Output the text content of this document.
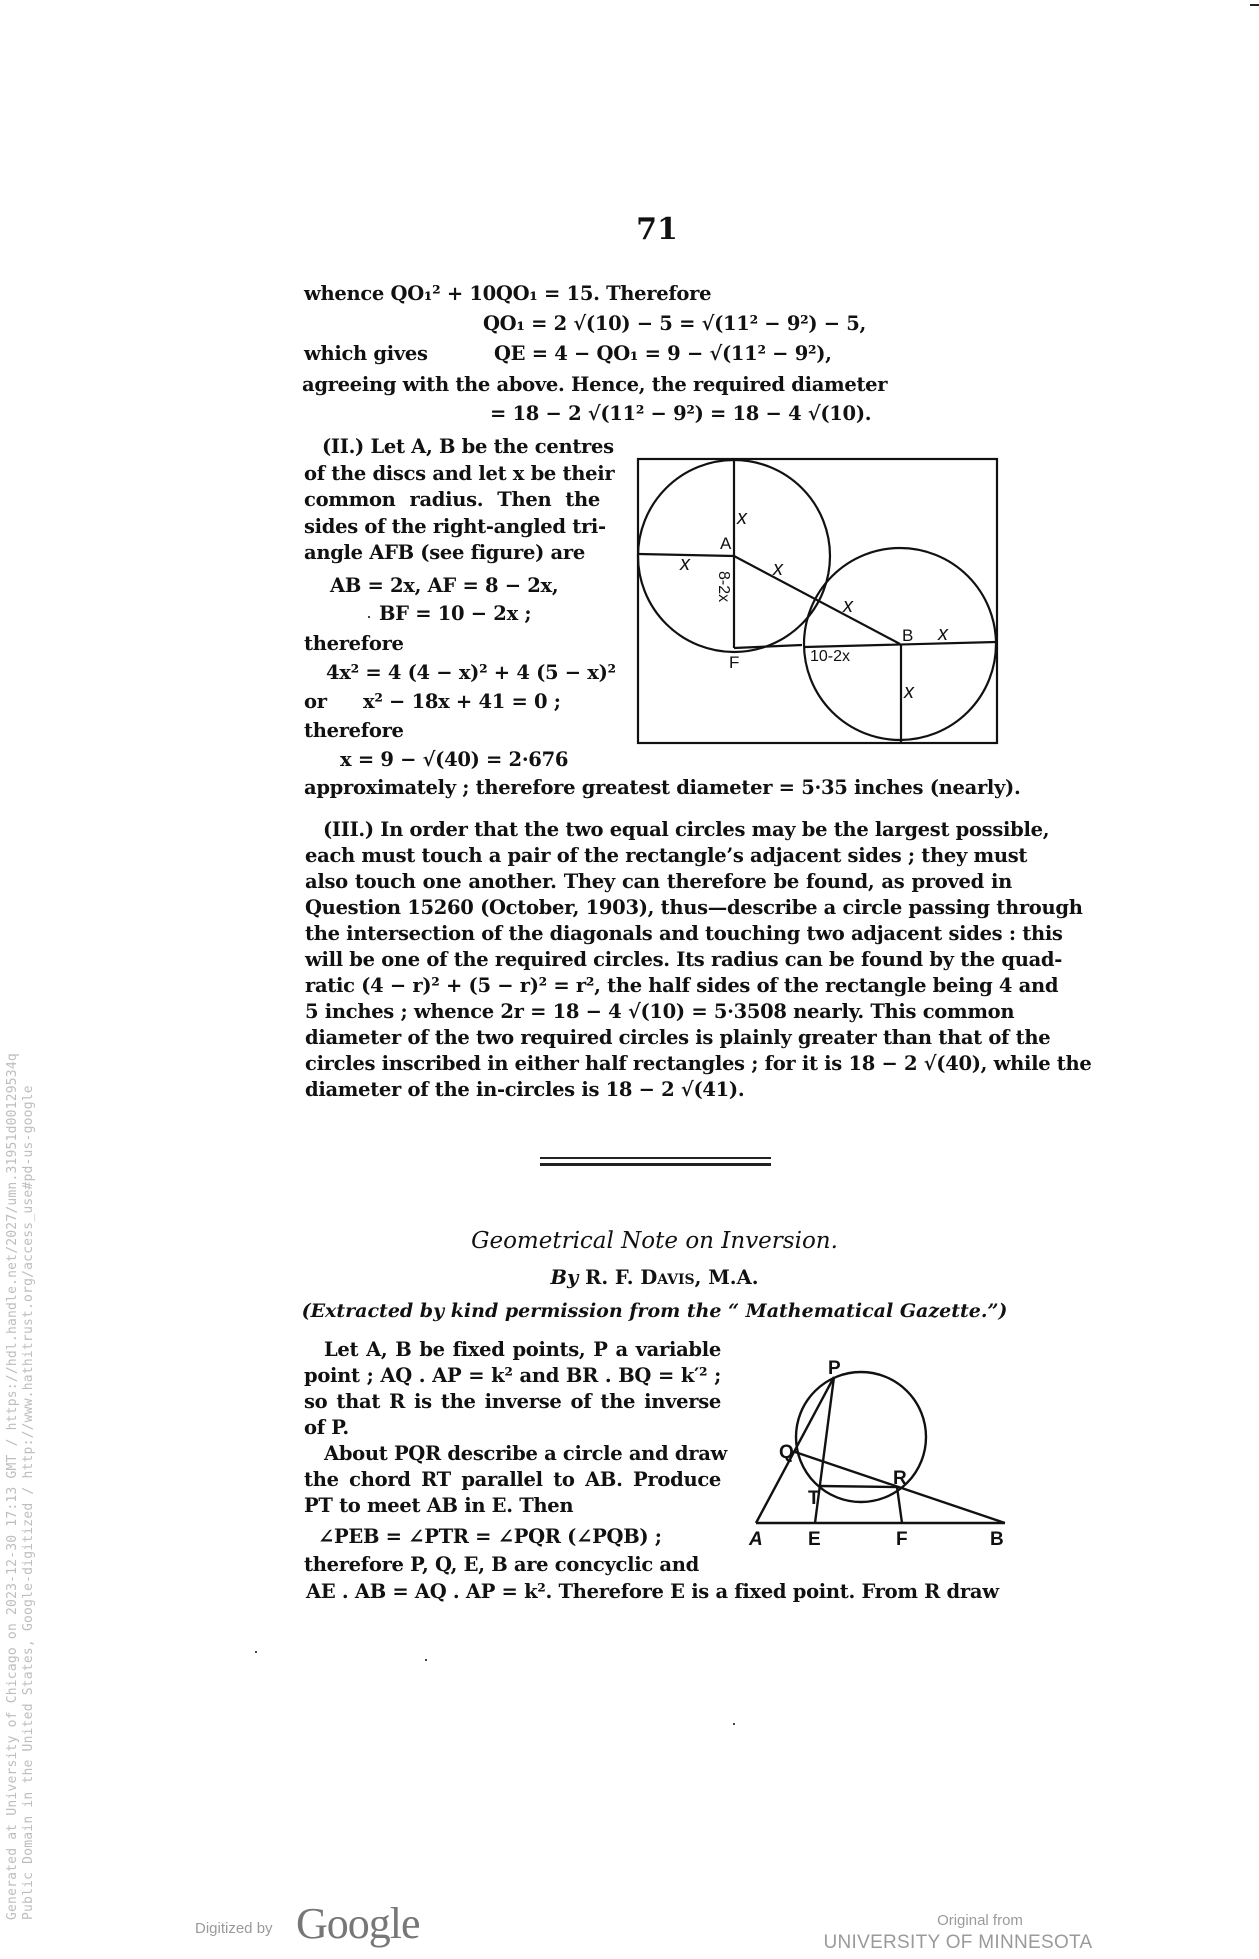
71
whence QO₁² + 10QO₁ = 15. Therefore
QO₁ = 2 √(10) − 5 = √(11² − 9²) − 5,
which gives	QE = 4 − QO₁ = 9 − √(11² − 9²),
agreeing with the above. Hence, the required diameter
= 18 − 2 √(11² − 9²) = 18 − 4 √(10).
(II.) Let A, B be the centres
of the discs and let x be their
common radius. Then the
sides of the right-angled tri-
angle AFB (see figure) are
AB = 2x, AF = 8 − 2x,
BF = 10 − 2x ;
therefore
4x² = 4 (4 − x)² + 4 (5 − x)²
or x² − 18x + 41 = 0 ;
therefore
x = 9 − √(40) = 2·676
approximately ; therefore greatest diameter = 5·35 inches (nearly).
x
A
x	x
x
B x
F	10-2x
x
8-2x
(III.) In order that the two equal circles may be the largest possible,
each must touch a pair of the rectangle’s adjacent sides ; they must
also touch one another. They can therefore be found, as proved in
Question 15260 (October, 1903), thus—describe a circle passing through
the intersection of the diagonals and touching two adjacent sides : this
will be one of the required circles. Its radius can be found by the quad-
ratic (4 − r)² + (5 − r)² = r², the half sides of the rectangle being 4 and
5 inches ; whence 2r = 18 − 4 √(10) = 5·3508 nearly. This common
diameter of the two required circles is plainly greater than that of the
circles inscribed in either half rectangles ; for it is 18 − 2 √(40), while the
diameter of the in-circles is 18 − 2 √(41).
Geometrical Note on Inversion.
By R. F. Davis, M.A.
(Extracted by kind permission from the “ Mathematical Gazette.”)
Let A, B be fixed points, P a variable
point ; AQ . AP = k² and BR . BQ = k′² ;
so that R is the inverse of the inverse
of P.
About PQR describe a circle and draw
the chord RT parallel to AB. Produce
PT to meet AB in E. Then
∠PEB = ∠PTR = ∠PQR (∠PQB) ;
therefore P, Q, E, B are concyclic and
AE . AB = AQ . AP = k². Therefore E is a fixed point. From R draw
P
Q
R
T
A E	F	B
Generated at University of Chicago on 2023-12-30 17:13 GMT / https://hdl.handle.net/2027/umn.31951d00129534q Public Domain in the United States, Google-digitized / http://www.hathitrust.org/access_use#pd-us-google
Digitized by Google	Original from
UNIVERSITY OF MINNESOTA
